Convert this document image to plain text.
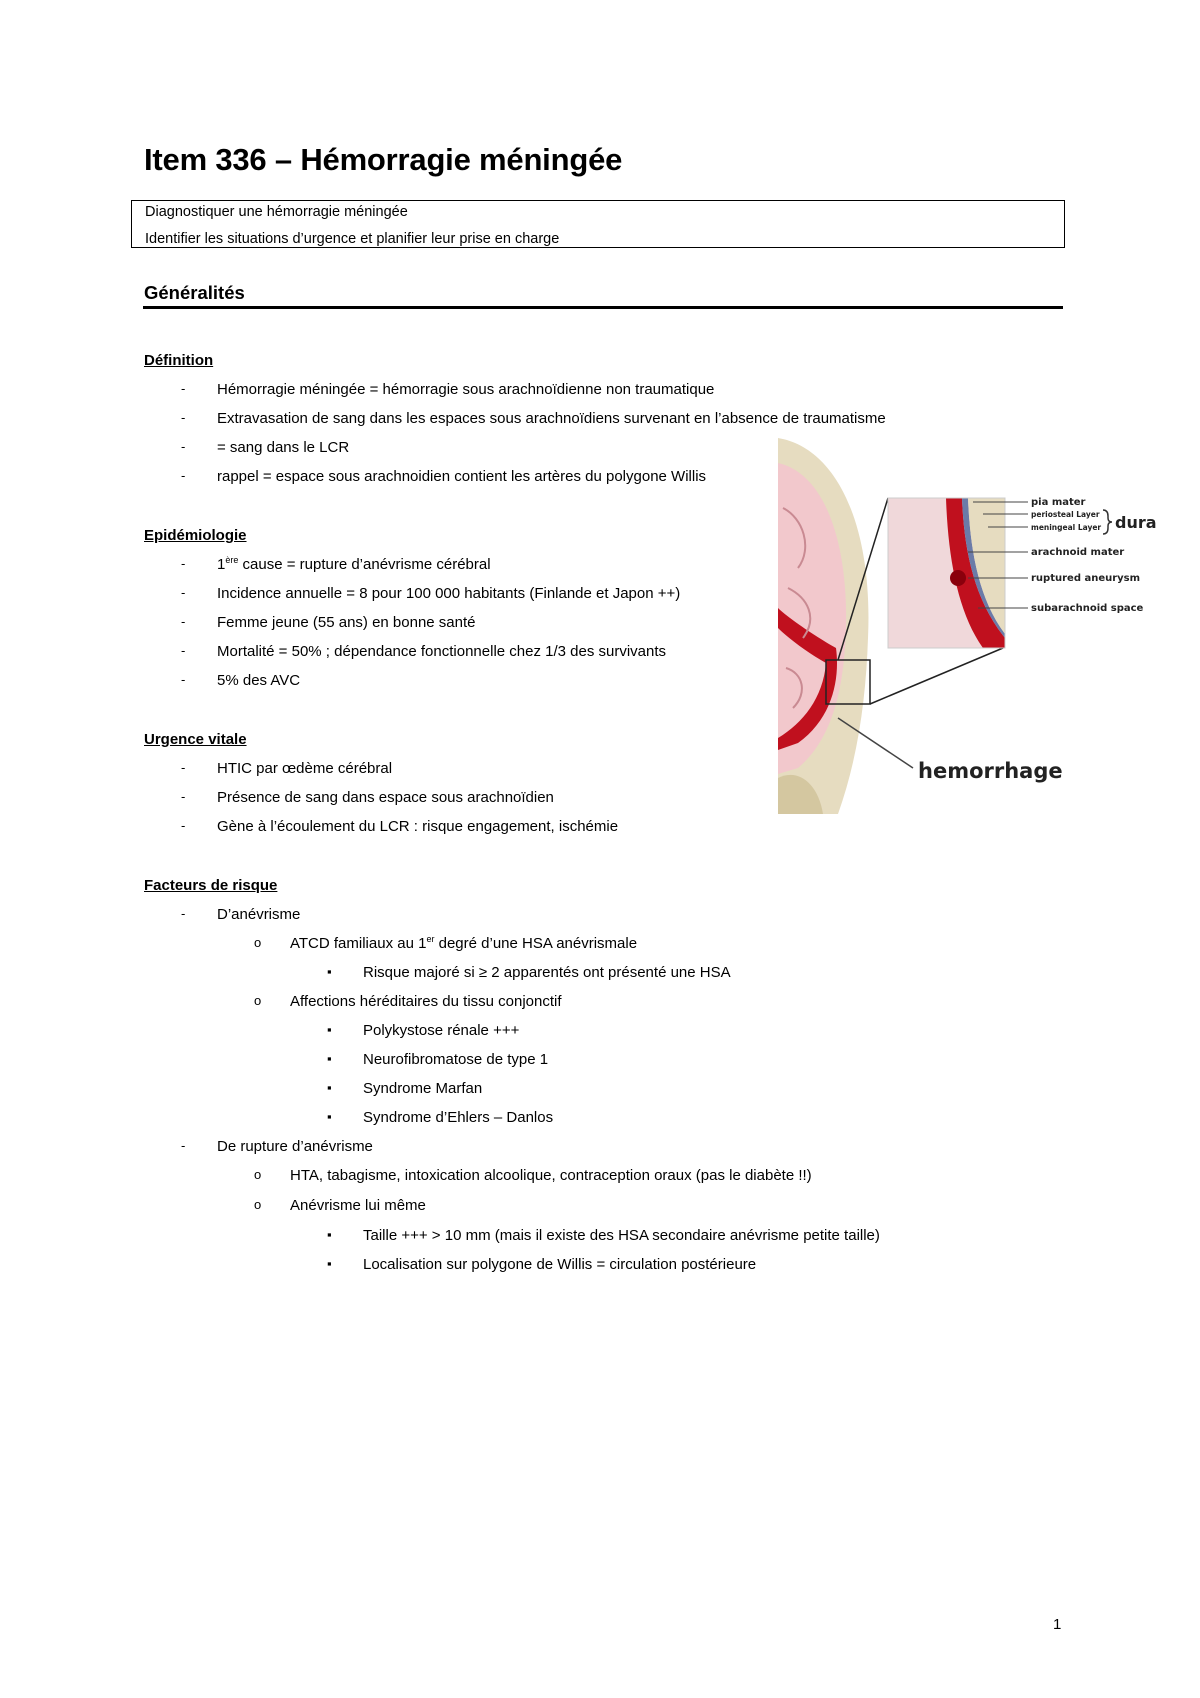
Item 336 – Hémorragie méningée
Diagnostiquer une hémorragie méningée
Identifier les situations d’urgence et planifier leur prise en charge
Généralités
Définition
- Hémorragie méningée = hémorragie sous arachnoïdienne non traumatique
- Extravasation de sang dans les espaces sous arachnoïdiens survenant en l’absence de traumatisme
- = sang dans le LCR
- rappel = espace sous arachnoidien contient les artères du polygone Willis
Epidémiologie
- 1ère cause = rupture d’anévrisme cérébral
- Incidence annuelle = 8 pour 100 000 habitants (Finlande et Japon ++)
- Femme jeune (55 ans) en bonne santé
- Mortalité = 50% ; dépendance fonctionnelle chez 1/3 des survivants
- 5% des AVC
Urgence vitale
- HTIC par œdème cérébral
- Présence de sang dans espace sous arachnoïdien
- Gène à l’écoulement du LCR : risque engagement, ischémie
Facteurs de risque
- D’anévrisme
o ATCD familiaux au 1er degré d’une HSA anévrismale
▪ Risque majoré si ≥ 2 apparentés ont présenté une HSA
o Affections héréditaires du tissu conjonctif
▪ Polykystose rénale +++
▪ Neurofibromatose de type 1
▪ Syndrome Marfan
▪ Syndrome d’Ehlers – Danlos
- De rupture d’anévrisme
o HTA, tabagisme, intoxication alcoolique, contraception oraux (pas le diabète !!)
o Anévrisme lui même
▪ Taille +++ > 10 mm (mais il existe des HSA secondaire anévrisme petite taille)
▪ Localisation sur polygone de Willis = circulation postérieure
pia mater
periosteal Layer
meningeal Layer dura
arachnoid mater
ruptured aneurysm
subarachnoid space
hemorrhage
1
